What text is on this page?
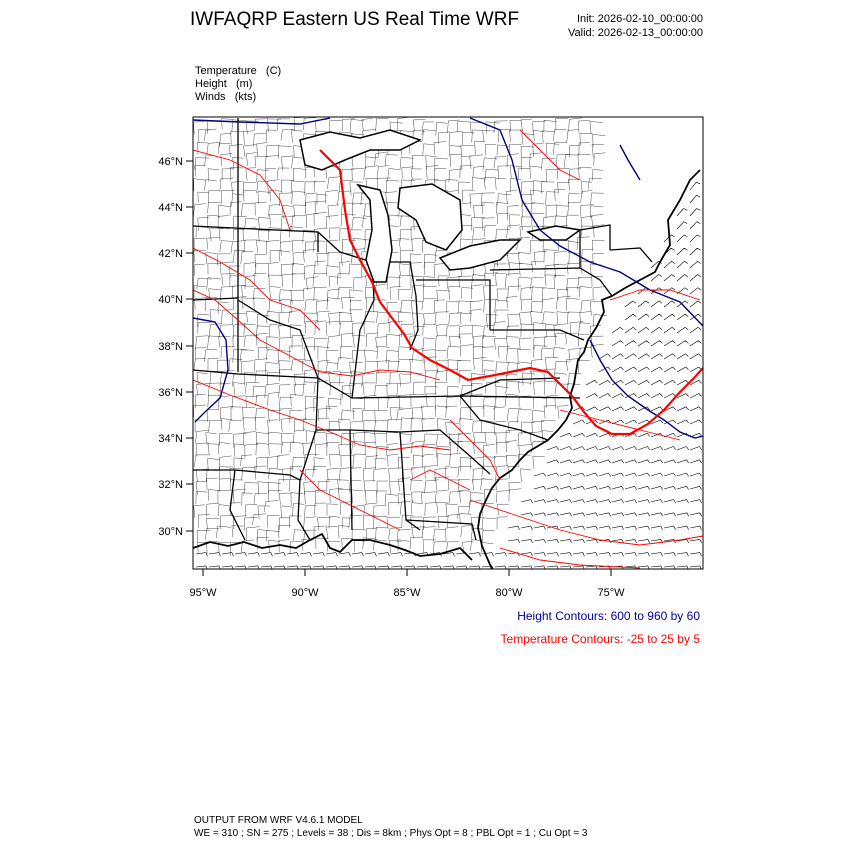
IWFAQRP Eastern US Real Time WRF	Init: 2026-02-10_00:00:00
Valid: 2026-02-13_00:00:00
Temperature   (C)
Height   (m)
Winds   (kts)
46°N
44°N
42°N
40°N
38°N
36°N
34°N
32°N
30°N
95°W	90°W	85°W	80°W	75°W
Height Contours: 600 to 960 by 60
Temperature Contours: -25 to 25 by 5
OUTPUT FROM WRF V4.6.1 MODEL
WE = 310 ; SN = 275 ; Levels = 38 ; Dis = 8km ; Phys Opt = 8 ; PBL Opt = 1 ; Cu Opt = 3
